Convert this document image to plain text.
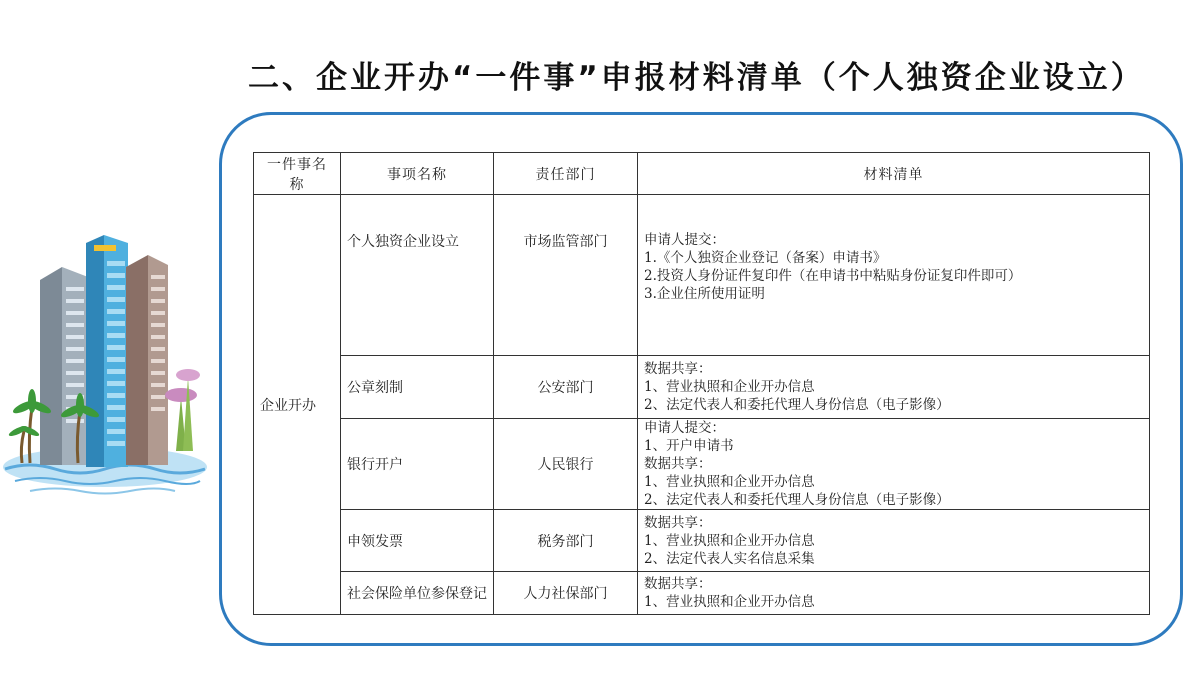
二、企业开办“一件事”申报材料清单（个人独资企业设立）
一件事名称	事项名称	责任部门	材料清单
企业开办	个人独资企业设立	市场监管部门	申请人提交：
1.《个人独资企业登记（备案）申请书》
2.投资人身份证件复印件（在申请书中粘贴身份证复印件即可）
3.企业住所使用证明

	公章刻制	公安部门	数据共享：
1、营业执照和企业开办信息
2、法定代表人和委托代理人身份信息（电子影像）

	银行开户	人民银行	申请人提交：
1、开户申请书
数据共享：
1、营业执照和企业开办信息
2、法定代表人和委托代理人身份信息（电子影像）

	申领发票	税务部门	数据共享：
1、营业执照和企业开办信息
2、法定代表人实名信息采集

	社会保险单位参保登记	人力社保部门	数据共享：
1、营业执照和企业开办信息
